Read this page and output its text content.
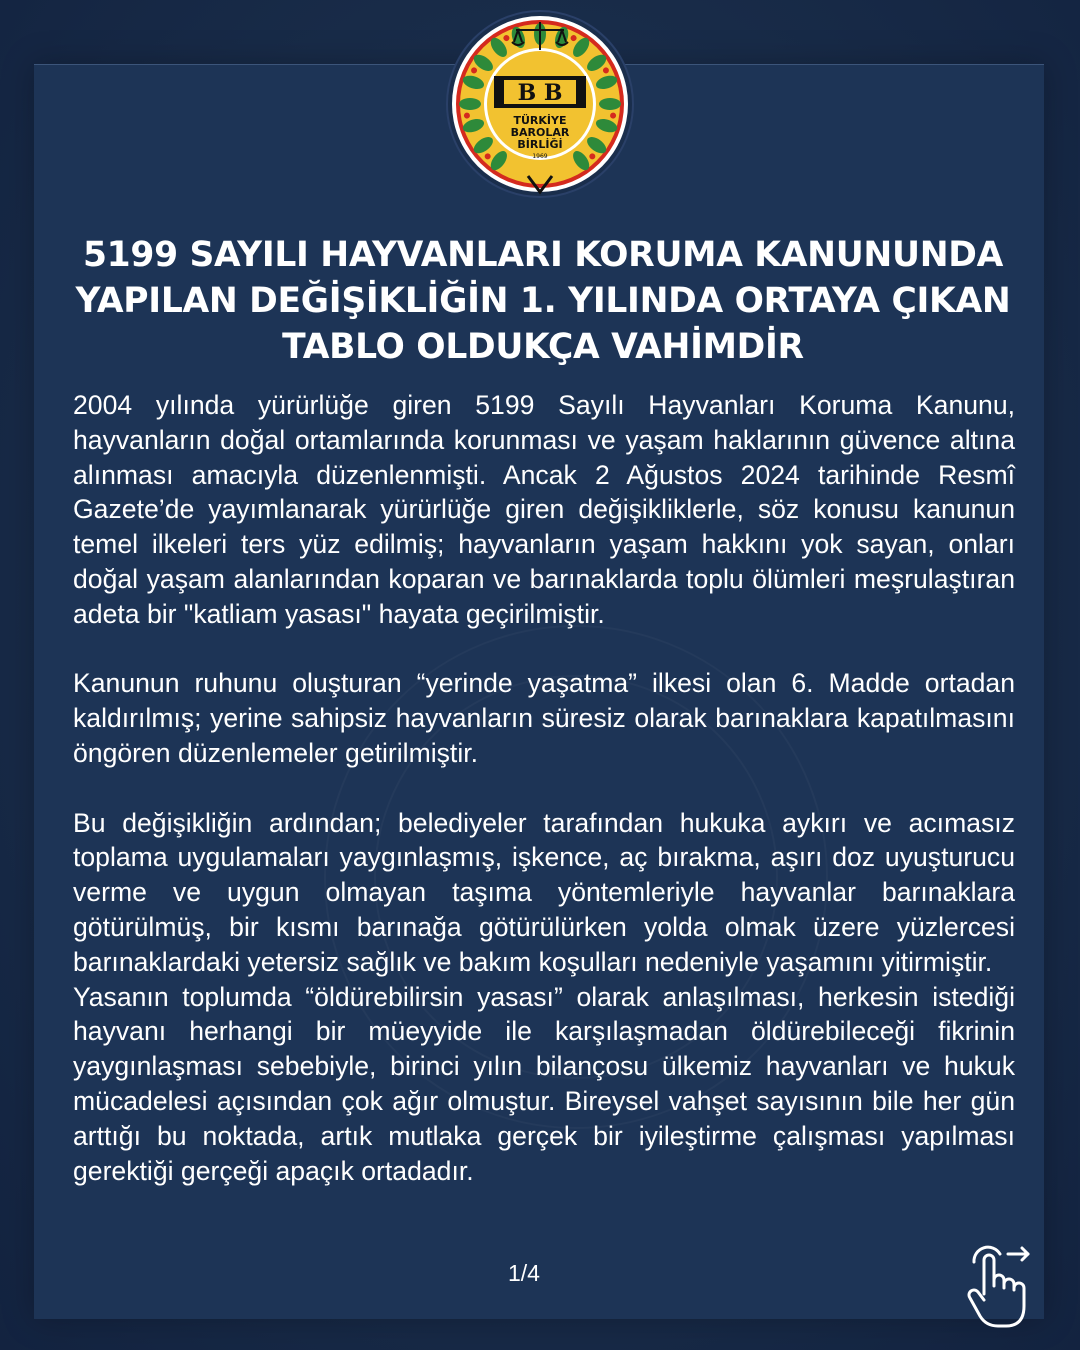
B B
TÜRKİYE
BAROLAR
BİRLİĞİ
1969
5199 SAYILI HAYVANLARI KORUMA KANUNUNDA
YAPILAN DEĞİŞİKLİĞİN 1. YILINDA ORTAYA ÇIKAN
TABLO OLDUKÇA VAHİMDİR

2004 yılında yürürlüğe giren 5199 Sayılı Hayvanları Koruma Kanunu, hayvanların doğal ortamlarında korunması ve yaşam haklarının güvence altına alınması amacıyla düzenlenmişti. Ancak 2 Ağustos 2024 tarihinde Resmî Gazete’de yayımlanarak yürürlüğe giren değişikliklerle, söz konusu kanunun temel ilkeleri ters yüz edilmiş; hayvanların yaşam hakkını yok sayan, onları doğal yaşam alanlarından koparan ve barınaklarda toplu ölümleri meşrulaştıran adeta bir "katliam yasası" hayata geçirilmiştir.

Kanunun ruhunu oluşturan “yerinde yaşatma” ilkesi olan 6. Madde ortadan kaldırılmış; yerine sahipsiz hayvanların süresiz olarak barınaklara kapatılmasını öngören düzenlemeler getirilmiştir.

Bu değişikliğin ardından; belediyeler tarafından hukuka aykırı ve acımasız toplama uygulamaları yaygınlaşmış, işkence, aç bırakma, aşırı doz uyuşturucu verme ve uygun olmayan taşıma yöntemleriyle hayvanlar barınaklara götürülmüş, bir kısmı barınağa götürülürken yolda olmak üzere yüzlercesi barınaklardaki yetersiz sağlık ve bakım koşulları nedeniyle yaşamını yitirmiştir.

Yasanın toplumda “öldürebilirsin yasası” olarak anlaşılması, herkesin istediği hayvanı herhangi bir müeyyide ile karşılaşmadan öldürebileceği fikrinin yaygınlaşması sebebiyle, birinci yılın bilançosu ülkemiz hayvanları ve hukuk mücadelesi açısından çok ağır olmuştur. Bireysel vahşet sayısının bile her gün arttığı bu noktada, artık mutlaka gerçek bir iyileştirme çalışması yapılması gerektiği gerçeği apaçık ortadadır.

1/4
